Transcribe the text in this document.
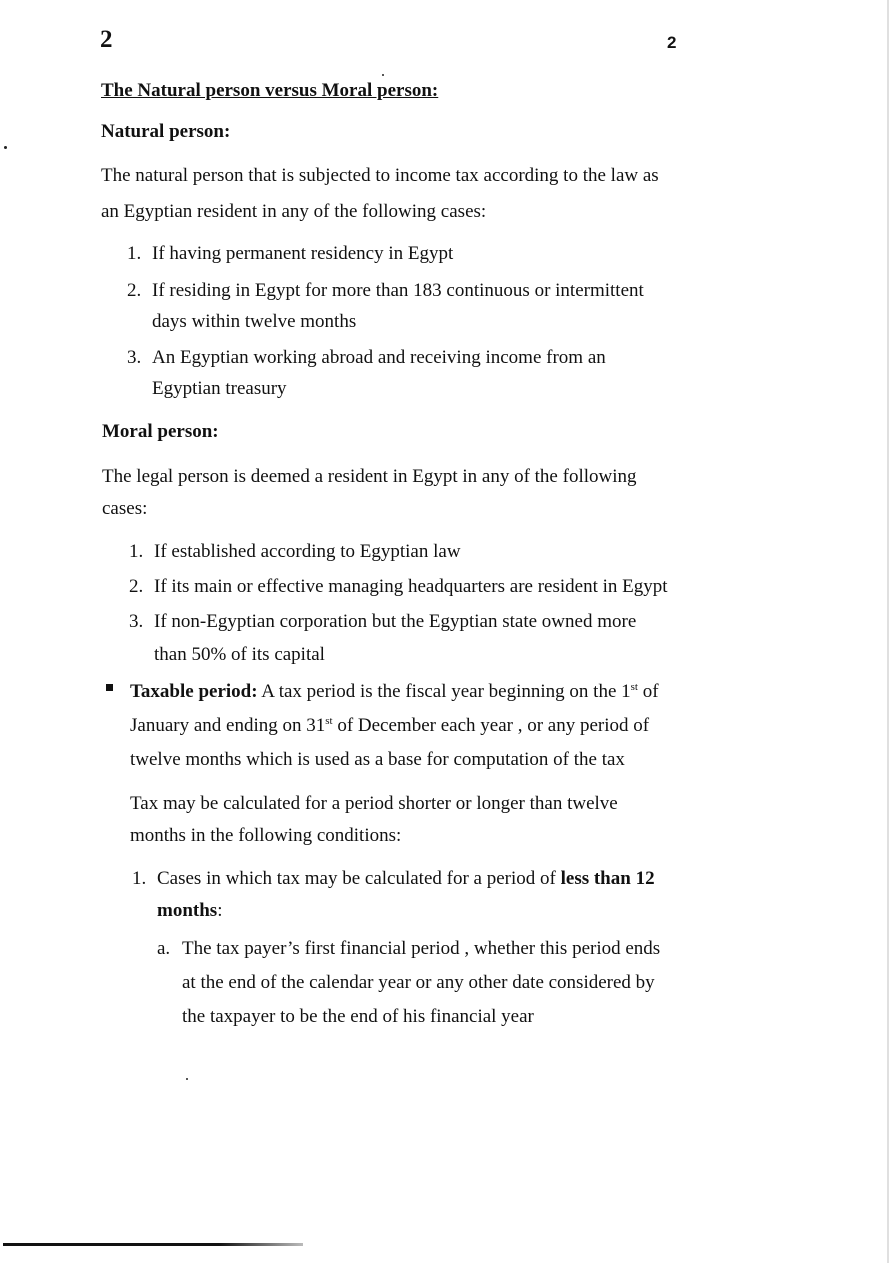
2	2
The Natural person versus Moral person:
Natural person:
The natural person that is subjected to income tax according to the law as
an Egyptian resident in any of the following cases:
1. If having permanent residency in Egypt
2. If residing in Egypt for more than 183 continuous or intermittent
days within twelve months
3. An Egyptian working abroad and receiving income from an
Egyptian treasury
Moral person:
The legal person is deemed a resident in Egypt in any of the following
cases:
1. If established according to Egyptian law
2. If its main or effective managing headquarters are resident in Egypt
3. If non-Egyptian corporation but the Egyptian state owned more
than 50% of its capital
Taxable period: A tax period is the fiscal year beginning on the 1st of
January and ending on 31st of December each year , or any period of
twelve months which is used as a base for computation of the tax
Tax may be calculated for a period shorter or longer than twelve
months in the following conditions:
1. Cases in which tax may be calculated for a period of less than 12
months:
a. The tax payer’s first financial period , whether this period ends
at the end of the calendar year or any other date considered by
the taxpayer to be the end of his financial year
